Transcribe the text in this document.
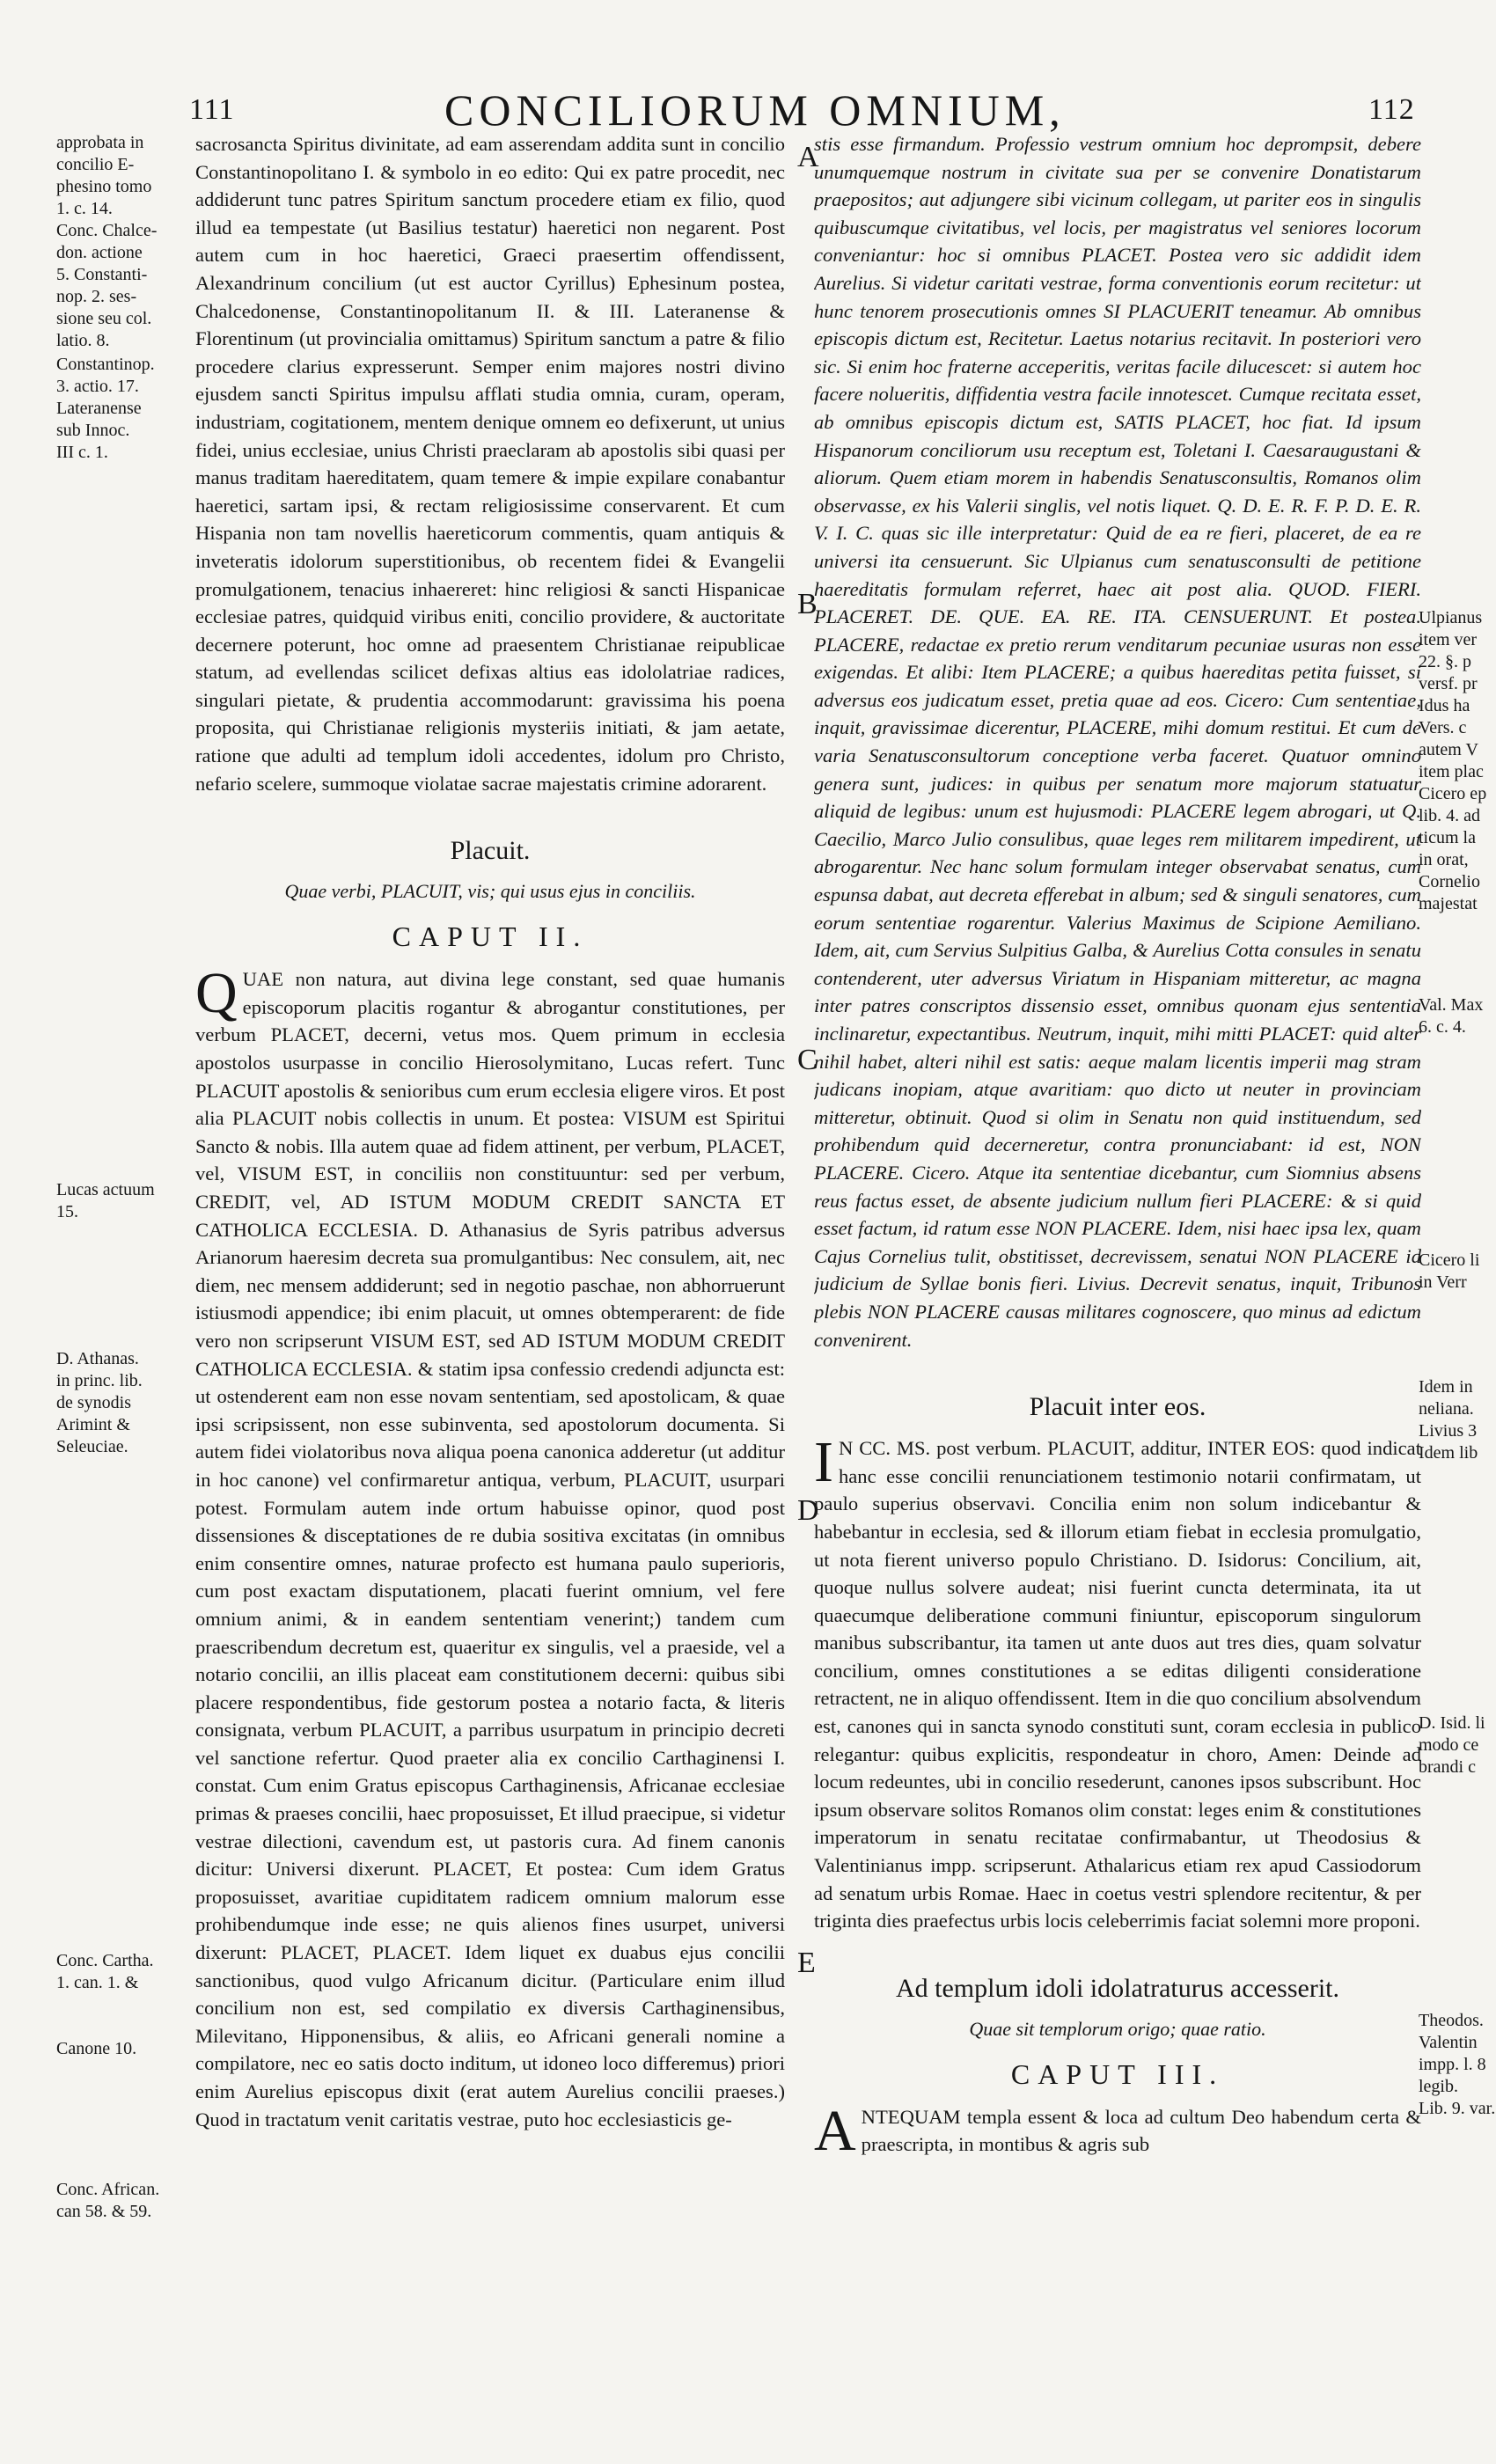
111	CONCILIORUM OMNIUM,	112
approbata in
concilio E-
phesino tomo
1. c. 14.
Conc. Chalce-
don. actione
5. Constanti-
nop. 2. ses-
sione seu col.
latio. 8.
Constantinop.
3. actio. 17.
Lateranense
sub Innoc.
III c. 1.
Lucas actuum
15.
D. Athanas.
in princ. lib.
de synodis
Arimint &
Seleuciae.
Conc. Cartha.
1. can. 1. &
Canone 10.
Conc. African.
can 58. & 59.

sacrosancta Spiritus divinitate, ad eam asserendam addita sunt in concilio Constantinopolitano I. & symbolo in eo edito: Qui ex patre procedit, nec addiderunt tunc patres Spiritum sanctum procedere etiam ex filio, quod illud ea tempestate (ut Basilius testatur) haeretici non negarent. Post autem cum in hoc haeretici, Graeci praesertim offendissent, Alexandrinum concilium (ut est auctor Cyrillus) Ephesinum postea, Chalcedonense, Constantinopolitanum II. & III. Lateranense & Florentinum (ut provincialia omittamus) Spiritum sanctum a patre & filio procedere clarius expresserunt. Semper enim majores nostri divino ejusdem sancti Spiritus impulsu afflati studia omnia, curam, operam, industriam, cogitationem, mentem denique omnem eo defixerunt, ut unius fidei, unius ecclesiae, unius Christi praeclaram ab apostolis sibi quasi per manus traditam haereditatem, quam temere & impie expilare conabantur haeretici, sartam ipsi, & rectam religiosissime conservarent. Et cum Hispania non tam novellis haereticorum commentis, quam antiquis & inveteratis idolorum superstitionibus, ob recentem fidei & Evangelii promulgationem, tenacius inhaereret: hinc religiosi & sancti Hispanicae ecclesiae patres, quidquid viribus eniti, concilio providere, & auctoritate decernere poterunt, hoc omne ad praesentem Christianae reipublicae statum, ad evellendas scilicet defixas altius eas idololatriae radices, singulari pietate, & prudentia accommodarunt: gravissima his poena proposita, qui Christianae religionis mysteriis initiati, & jam aetate, ratione que adulti ad templum idoli accedentes, idolum pro Christo, nefario scelere, summoque violatae sacrae majestatis crimine adorarent.

Placuit.
Quae verbi, PLACUIT, vis; qui usus ejus in conciliis.
CAPUT II.

QUAE non natura, aut divina lege constant, sed quae humanis episcoporum placitis rogantur & abrogantur constitutiones, per verbum PLACET, decerni, vetus mos. Quem primum in ecclesia apostolos usurpasse in concilio Hierosolymitano, Lucas refert. Tunc PLACUIT apostolis & senioribus cum erum ecclesia eligere viros. Et post alia PLACUIT nobis collectis in unum. Et postea: VISUM est Spiritui Sancto & nobis. Illa autem quae ad fidem attinent, per verbum, PLACET, vel, VISUM EST, in conciliis non constituuntur: sed per verbum, CREDIT, vel, AD ISTUM MODUM CREDIT SANCTA ET CATHOLICA ECCLESIA. D. Athanasius de Syris patribus adversus Arianorum haeresim decreta sua promulgantibus: Nec consulem, ait, nec diem, nec mensem addiderunt; sed in negotio paschae, non abhorruerunt istiusmodi appendice; ibi enim placuit, ut omnes obtemperarent: de fide vero non scripserunt VISUM EST, sed AD ISTUM MODUM CREDIT CATHOLICA ECCLESIA. & statim ipsa confessio credendi adjuncta est: ut ostenderent eam non esse novam sententiam, sed apostolicam, & quae ipsi scripsissent, non esse subinventa, sed apostolorum documenta. Si autem fidei violatoribus nova aliqua poena canonica adderetur (ut additur in hoc canone) vel confirmaretur antiqua, verbum, PLACUIT, usurpari potest. Formulam autem inde ortum habuisse opinor, quod post dissensiones & disceptationes de re dubia sositiva excitatas (in omnibus enim consentire omnes, naturae profecto est humana paulo superioris, cum post exactam disputationem, placati fuerint omnium, vel fere omnium animi, & in eandem sententiam venerint;) tandem cum praescribendum decretum est, quaeritur ex singulis, vel a praeside, vel a notario concilii, an illis placeat eam constitutionem decerni: quibus sibi placere respondentibus, fide gestorum postea a notario facta, & literis consignata, verbum PLACUIT, a parribus usurpatum in principio decreti vel sanctione refertur. Quod praeter alia ex concilio Carthaginensi I. constat. Cum enim Gratus episcopus Carthaginensis, Africanae ecclesiae primas & praeses concilii, haec proposuisset, Et illud praecipue, si videtur vestrae dilectioni, cavendum est, ut pastoris cura. Ad finem canonis dicitur: Universi dixerunt. PLACET, Et postea: Cum idem Gratus proposuisset, avaritiae cupiditatem radicem omnium malorum esse prohibendumque inde esse; ne quis alienos fines usurpet, universi dixerunt: PLACET, PLACET. Idem liquet ex duabus ejus concilii sanctionibus, quod vulgo Africanum dicitur. (Particulare enim illud concilium non est, sed compilatio ex diversis Carthaginensibus, Milevitano, Hipponensibus, & aliis, eo Africani generali nomine a compilatore, nec eo satis docto inditum, ut idoneo loco differemus) priori enim Aurelius episcopus dixit (erat autem Aurelius concilii praeses.) Quod in tractatum venit caritatis vestrae, puto hoc ecclesiasticis ge-

A
B
C
D
E

stis esse firmandum. Professio vestrum omnium hoc deprompsit, debere unumquemque nostrum in civitate sua per se convenire Donatistarum praepositos; aut adjungere sibi vicinum collegam, ut pariter eos in singulis quibuscumque civitatibus, vel locis, per magistratus vel seniores locorum conveniantur: hoc si omnibus PLACET. Postea vero sic addidit idem Aurelius. Si videtur caritati vestrae, forma conventionis eorum recitetur: ut hunc tenorem prosecutionis omnes SI PLACUERIT teneamur. Ab omnibus episcopis dictum est, Recitetur. Laetus notarius recitavit. In posteriori vero sic. Si enim hoc fraterne acceperitis, veritas facile dilucescet: si autem hoc facere nolueritis, diffidentia vestra facile innotescet. Cumque recitata esset, ab omnibus episcopis dictum est, SATIS PLACET, hoc fiat. Id ipsum Hispanorum conciliorum usu receptum est, Toletani I. Caesaraugustani & aliorum. Quem etiam morem in habendis Senatusconsultis, Romanos olim observasse, ex his Valerii singlis, vel notis liquet. Q. D. E. R. F. P. D. E. R. V. I. C. quas sic ille interpretatur: Quid de ea re fieri, placeret, de ea re universi ita censuerunt. Sic Ulpianus cum senatusconsulti de petitione haereditatis formulam referret, haec ait post alia. QUOD. FIERI. PLACERET. DE. QUE. EA. RE. ITA. CENSUERUNT. Et postea. PLACERE, redactae ex pretio rerum venditarum pecuniae usuras non esse exigendas. Et alibi: Item PLACERE; a quibus haereditas petita fuisset, si adversus eos judicatum esset, pretia quae ad eos. Cicero: Cum sententiae, inquit, gravissimae dicerentur, PLACERE, mihi domum restitui. Et cum de varia Senatusconsultorum conceptione verba faceret. Quatuor omnino genera sunt, judices: in quibus per senatum more majorum statuatur aliquid de legibus: unum est hujusmodi: PLACERE legem abrogari, ut Q. Caecilio, Marco Julio consulibus, quae leges rem militarem impedirent, ut abrogarentur. Nec hanc solum formulam integer observabat senatus, cum espunsa dabat, aut decreta efferebat in album; sed & singuli senatores, cum eorum sententiae rogarentur. Valerius Maximus de Scipione Aemiliano. Idem, ait, cum Servius Sulpitius Galba, & Aurelius Cotta consules in senatu contenderent, uter adversus Viriatum in Hispaniam mitteretur, ac magna inter patres conscriptos dissensio esset, omnibus quonam ejus sententia inclinaretur, expectantibus. Neutrum, inquit, mihi mitti PLACET: quid alter nihil habet, alteri nihil est satis: aeque malam licentis imperii mag stram judicans inopiam, atque avaritiam: quo dicto ut neuter in provinciam mitteretur, obtinuit. Quod si olim in Senatu non quid instituendum, sed prohibendum quid decerneretur, contra pronunciabant: id est, NON PLACERE. Cicero. Atque ita sententiae dicebantur, cum Siomnius absens reus factus esset, de absente judicium nullum fieri PLACERE: & si quid esset factum, id ratum esse NON PLACERE. Idem, nisi haec ipsa lex, quam Cajus Cornelius tulit, obstitisset, decrevissem, senatui NON PLACERE id judicium de Syllae bonis fieri. Livius. Decrevit senatus, inquit, Tribunos plebis NON PLACERE causas militares cognoscere, quo minus ad edictum convenirent.

Placuit inter eos.

I N CC. MS. post verbum. PLACUIT, additur, INTER EOS: quod indicat hanc esse concilii renunciationem testimonio notarii confirmatam, ut paulo superius observavi. Concilia enim non solum indicebantur & habebantur in ecclesia, sed & illorum etiam fiebat in ecclesia promulgatio, ut nota fierent universo populo Christiano. D. Isidorus: Concilium, ait, quoque nullus solvere audeat; nisi fuerint cuncta determinata, ita ut quaecumque deliberatione communi finiuntur, episcoporum singulorum manibus subscribantur, ita tamen ut ante duos aut tres dies, quam solvatur concilium, omnes constitutiones a se editas diligenti consideratione retractent, ne in aliquo offendissent. Item in die quo concilium absolvendum est, canones qui in sancta synodo constituti sunt, coram ecclesia in publico relegantur: quibus explicitis, respondeatur in choro, Amen: Deinde ad locum redeuntes, ubi in concilio resederunt, canones ipsos subscribunt. Hoc ipsum observare solitos Romanos olim constat: leges enim & constitutiones imperatorum in senatu recitatae confirmabantur, ut Theodosius & Valentinianus impp. scripserunt. Athalaricus etiam rex apud Cassiodorum ad senatum urbis Romae. Haec in coetus vestri splendore recitentur, & per triginta dies praefectus urbis locis celeberrimis faciat solemni more proponi.

Ad templum idoli idolatraturus accesserit.
Quae sit templorum origo; quae ratio.
CAPUT III.

ANTEQUAM templa essent & loca ad cultum Deo habendum certa & praescripta, in montibus & agris sub

Ulpianus
item ver
22. §. p
versf. pr
Idus ha
Vers. c
autem V
item plac
Cicero ep
lib. 4. ad
ticum la
in orat,
Cornelio
majestat
Val. Max
6. c. 4.
Cicero li
in Verr
Idem in
neliana.
Livius 3
Idem lib
D. Isid. li
modo ce
brandi c
Theodos.
Valentin
impp. l. 8
legib.
Lib. 9. var.
